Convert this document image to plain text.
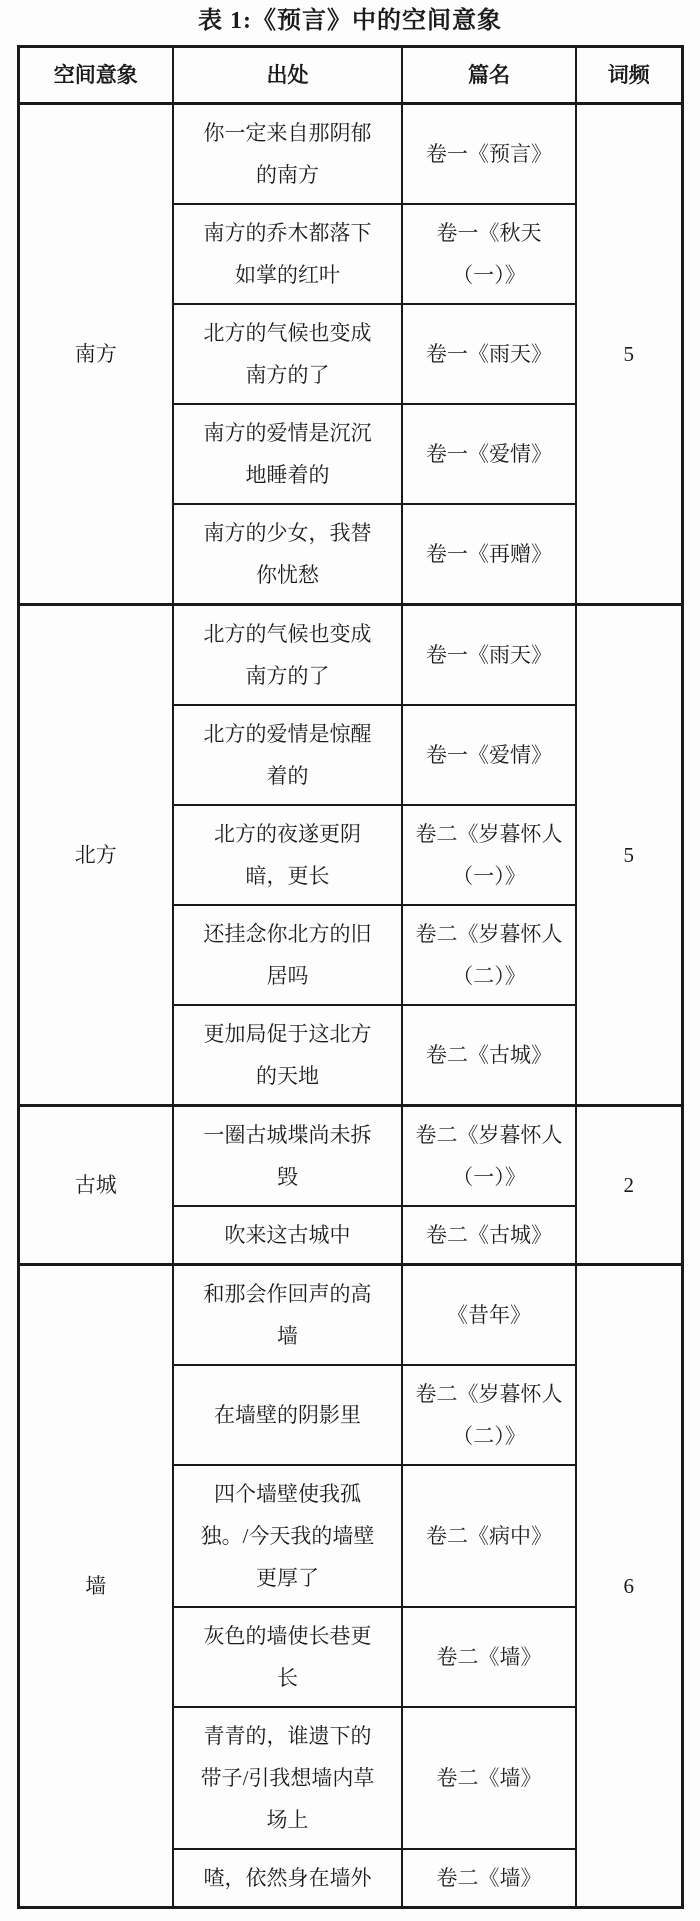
表 1:《预言》中的空间意象
空间意象	出处	篇名	词频
南方	你一定来自那阴郁的南方	卷一《预言》	5
	南方的乔木都落下如掌的红叶	卷一《秋天（一）》	
	北方的气候也变成南方的了	卷一《雨天》	
	南方的爱情是沉沉地睡着的	卷一《爱情》	
	南方的少女，我替你忧愁	卷一《再赠》	
北方	北方的气候也变成南方的了	卷一《雨天》	5
	北方的爱情是惊醒着的	卷一《爱情》	
	北方的夜遂更阴暗，更长	卷二《岁暮怀人（一）》	
	还挂念你北方的旧居吗	卷二《岁暮怀人（二）》	
	更加局促于这北方的天地	卷二《古城》	
古城	一圈古城堞尚未拆毁	卷二《岁暮怀人（一）》	2
	吹来这古城中	卷二《古城》	
墙	和那会作回声的高墙	《昔年》	6
	在墙壁的阴影里	卷二《岁暮怀人（二）》	
	四个墙壁使我孤独。/今天我的墙壁更厚了	卷二《病中》	
	灰色的墙使长巷更长	卷二《墙》	
	青青的，谁遗下的带子/引我想墙内草场上	卷二《墙》	
	喳，依然身在墙外	卷二《墙》	
